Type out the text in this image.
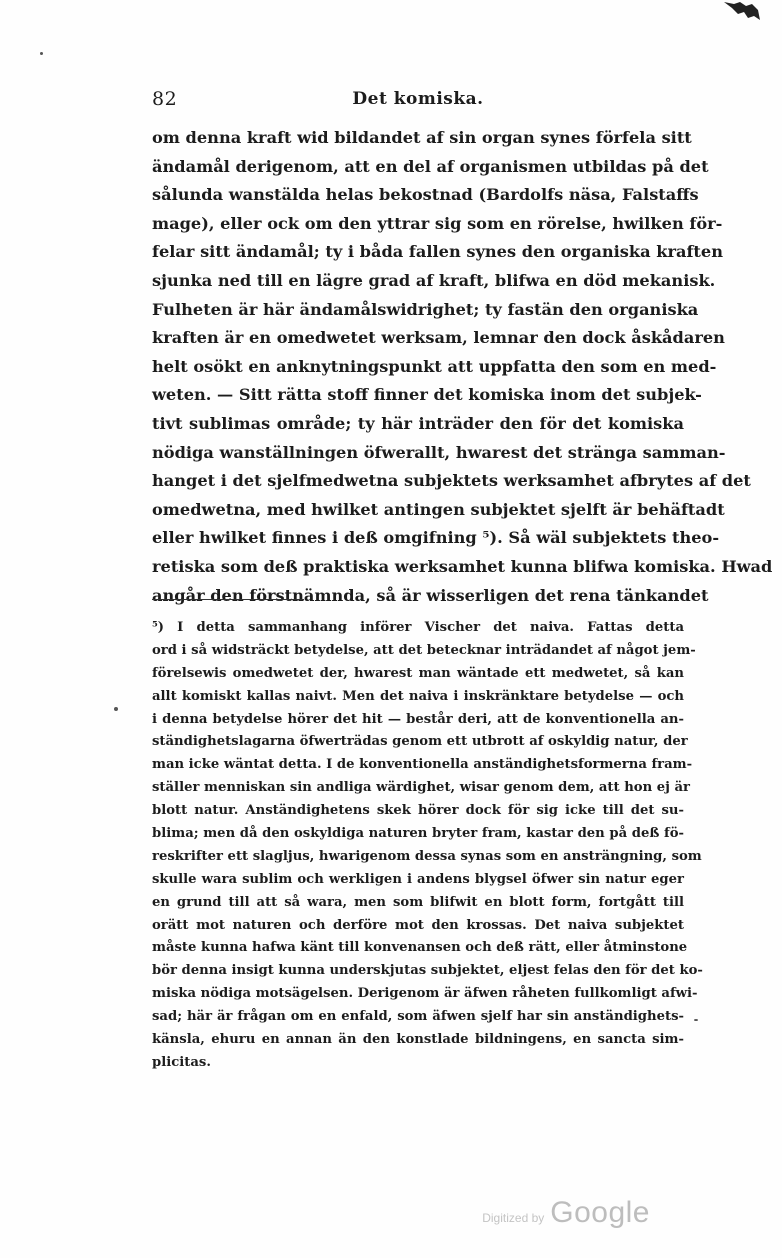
82	Det komiska.
om denna kraft wid bildandet af sin organ synes förfela sitt
ändamål derigenom, att en del af organismen utbildas på det
sålunda wanstälda helas bekostnad (Bardolfs näsa, Falstaffs
mage), eller ock om den yttrar sig som en rörelse, hwilken för-
felar sitt ändamål; ty i båda fallen synes den organiska kraften
sjunka ned till en lägre grad af kraft, blifwa en död mekanisk.
Fulheten är här ändamålswidrighet; ty fastän den organiska
kraften är en omedwetet werksam, lemnar den dock åskådaren
helt osökt en anknytningspunkt att uppfatta den som en med-
weten. — Sitt rätta stoff finner det komiska inom det subjek-
tivt sublimas område; ty här inträder den för det komiska
nödiga wanställningen öfwerallt, hwarest det stränga samman-
hanget i det sjelfmedwetna subjektets werksamhet afbrytes af det
omedwetna, med hwilket antingen subjektet sjelft är behäftadt
eller hwilket finnes i deß omgifning ⁵). Så wäl subjektets theo-
retiska som deß praktiska werksamhet kunna blifwa komiska. Hwad
angår den förstnämnda, så är wisserligen det rena tänkandet
⁵) I detta sammanhang införer Vischer det naiva. Fattas detta
ord i så widsträckt betydelse, att det betecknar inträdandet af något jem-
förelsewis omedwetet der, hwarest man wäntade ett medwetet, så kan
allt komiskt kallas naivt. Men det naiva i inskränktare betydelse — och
i denna betydelse hörer det hit — består deri, att de konventionella an-
ständighetslagarna öfwerträdas genom ett utbrott af oskyldig natur, der
man icke wäntat detta. I de konventionella anständighetsformerna fram-
ställer menniskan sin andliga wärdighet, wisar genom dem, att hon ej är
blott natur. Anständighetens skek hörer dock för sig icke till det su-
blima; men då den oskyldiga naturen bryter fram, kastar den på deß fö-
reskrifter ett slagljus, hwarigenom dessa synas som en ansträngning, som
skulle wara sublim och werkligen i andens blygsel öfwer sin natur eger
en grund till att så wara, men som blifwit en blott form, fortgått till
orätt mot naturen och derföre mot den krossas. Det naiva subjektet
måste kunna hafwa känt till konvenansen och deß rätt, eller åtminstone
bör denna insigt kunna underskjutas subjektet, eljest felas den för det ko-
miska nödiga motsägelsen. Derigenom är äfwen råheten fullkomligt afwi-
sad; här är frågan om en enfald, som äfwen sjelf har sin anständighets-
känsla, ehuru en annan än den konstlade bildningens, en sancta sim-
plicitas.
Digitized by Google
